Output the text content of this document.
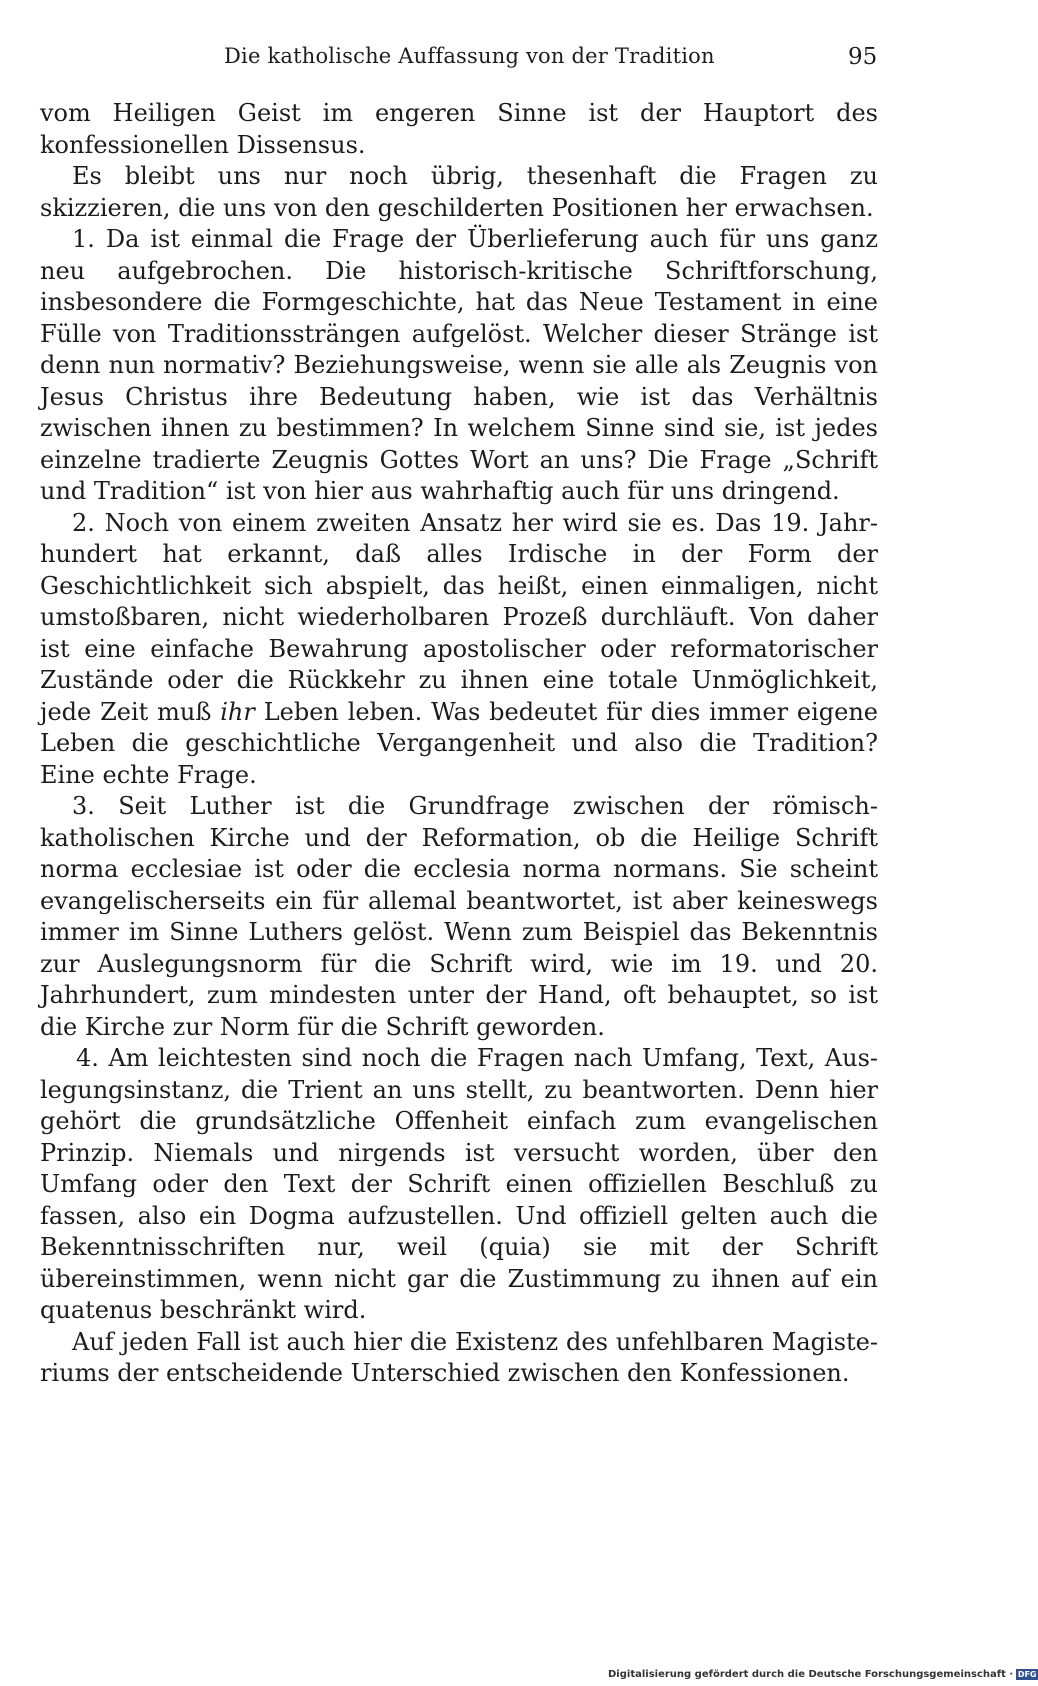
Die katholische Auffassung von der Tradition	95

vom Heiligen Geist im engeren Sinne ist der Hauptort des konfessionellen Dissensus.

Es bleibt uns nur noch übrig, thesenhaft die Fragen zu skizzieren, die uns von den geschilderten Positionen her erwachsen.

1. Da ist einmal die Frage der Überlieferung auch für uns ganz neu aufgebrochen. Die historisch-kritische Schriftforschung, insbesondere die Formgeschichte, hat das Neue Testament in eine Fülle von Traditionssträngen aufgelöst. Welcher dieser Stränge ist denn nun normativ? Beziehungsweise, wenn sie alle als Zeugnis von Jesus Christus ihre Bedeutung haben, wie ist das Verhältnis zwischen ihnen zu bestimmen? In welchem Sinne sind sie, ist jedes einzelne tradierte Zeugnis Gottes Wort an uns? Die Frage „Schrift und Tradition“ ist von hier aus wahrhaftig auch für uns dringend.

2. Noch von einem zweiten Ansatz her wird sie es. Das 19. Jahrhundert hat erkannt, daß alles Irdische in der Form der Geschichtlichkeit sich abspielt, das heißt, einen einmaligen, nicht umstoßbaren, nicht wiederholbaren Prozeß durchläuft. Von daher ist eine einfache Bewahrung apostolischer oder reformatorischer Zustände oder die Rückkehr zu ihnen eine totale Unmöglichkeit, jede Zeit muß ihr Leben leben. Was bedeutet für dies immer eigene Leben die geschichtliche Vergangenheit und also die Tradition? Eine echte Frage.

3. Seit Luther ist die Grundfrage zwischen der römisch-katholischen Kirche und der Reformation, ob die Heilige Schrift norma ecclesiae ist oder die ecclesia norma normans. Sie scheint evangelischerseits ein für allemal beantwortet, ist aber keineswegs immer im Sinne Luthers gelöst. Wenn zum Beispiel das Bekenntnis zur Auslegungsnorm für die Schrift wird, wie im 19. und 20. Jahrhundert, zum mindesten unter der Hand, oft behauptet, so ist die Kirche zur Norm für die Schrift geworden.

4. Am leichtesten sind noch die Fragen nach Umfang, Text, Auslegungsinstanz, die Trient an uns stellt, zu beantworten. Denn hier gehört die grundsätzliche Offenheit einfach zum evangelischen Prinzip. Niemals und nirgends ist versucht worden, über den Umfang oder den Text der Schrift einen offiziellen Beschluß zu fassen, also ein Dogma aufzustellen. Und offiziell gelten auch die Bekenntnisschriften nur, weil (quia) sie mit der Schrift übereinstimmen, wenn nicht gar die Zustimmung zu ihnen auf ein quatenus beschränkt wird.

Auf jeden Fall ist auch hier die Existenz des unfehlbaren Magisteriums der entscheidende Unterschied zwischen den Konfessionen.

Digitalisierung gefördert durch die Deutsche Forschungsgemeinschaft · DFG
